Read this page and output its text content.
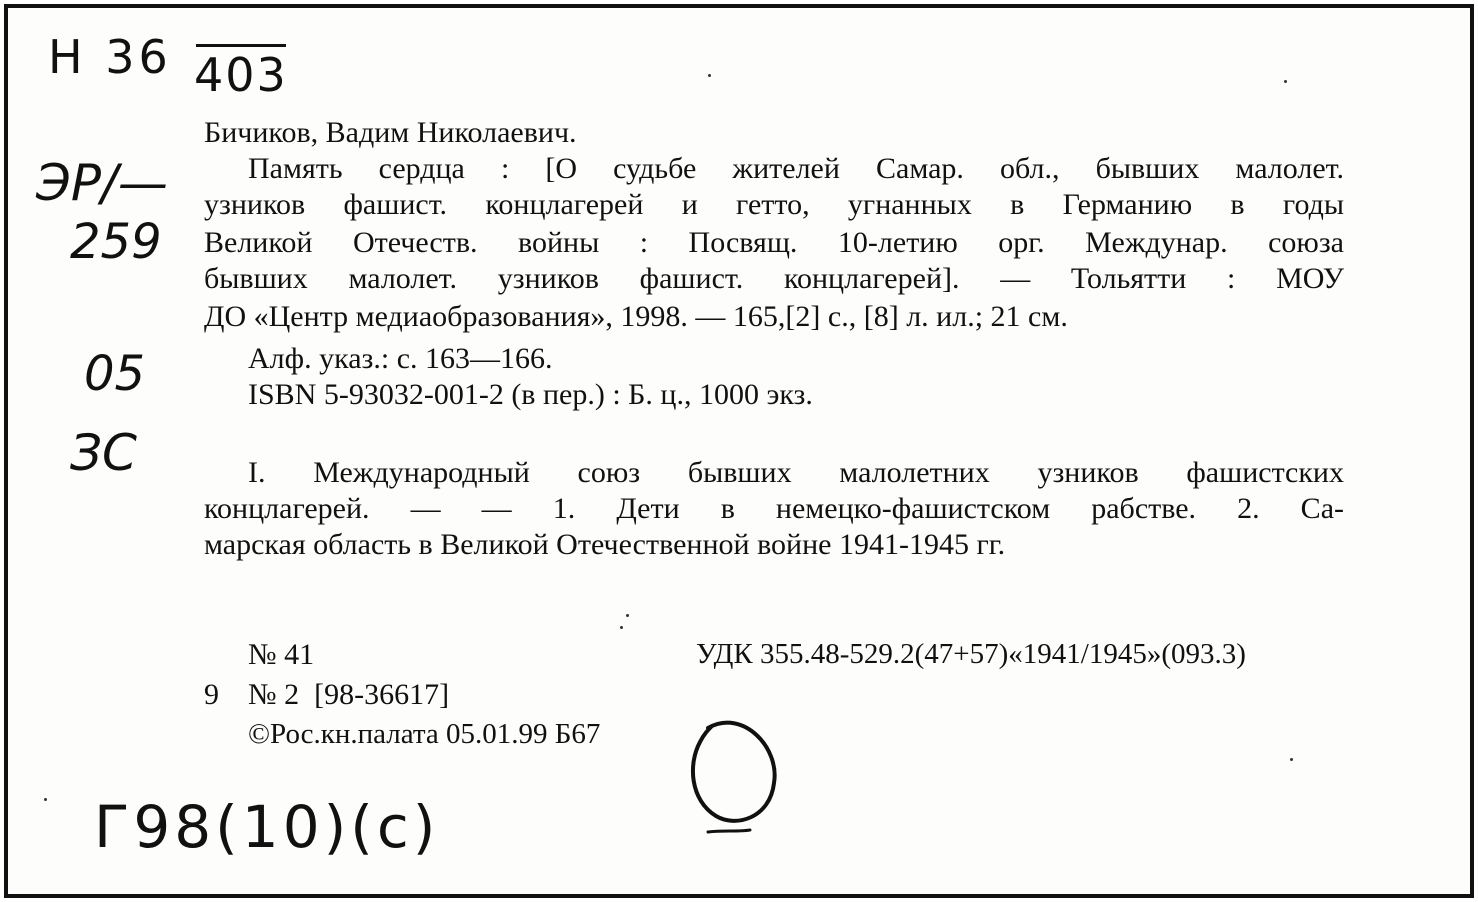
H 36 403
ЭР/—
259
05
ЗС
Г98(10)(с)
Бичиков, Вадим Николаевич.
Память сердца : [О судьбе жителей Самар. обл., бывших малолет.
узников фашист. концлагерей и гетто, угнанных в Германию в годы
Великой Отечеств. войны : Посвящ. 10-летию орг. Междунар. союза
бывших малолет. узников фашист. концлагерей]. — Тольятти : МОУ
ДО «Центр медиаобразования», 1998. — 165,[2] с., [8] л. ил.; 21 см.
Алф. указ.: с. 163—166.
ISBN 5-93032-001-2 (в пер.) : Б. ц., 1000 экз.
I. Международный союз бывших малолетних узников фашистских
концлагерей. — — 1. Дети в немецко-фашистском рабстве. 2. Са-
марская область в Великой Отечественной войне 1941-1945 гг.
№ 41	УДК 355.48-529.2(47+57)«1941/1945»(093.3)
9 № 2  [98-36617]
©Рос.кн.палата 05.01.99 Б67
